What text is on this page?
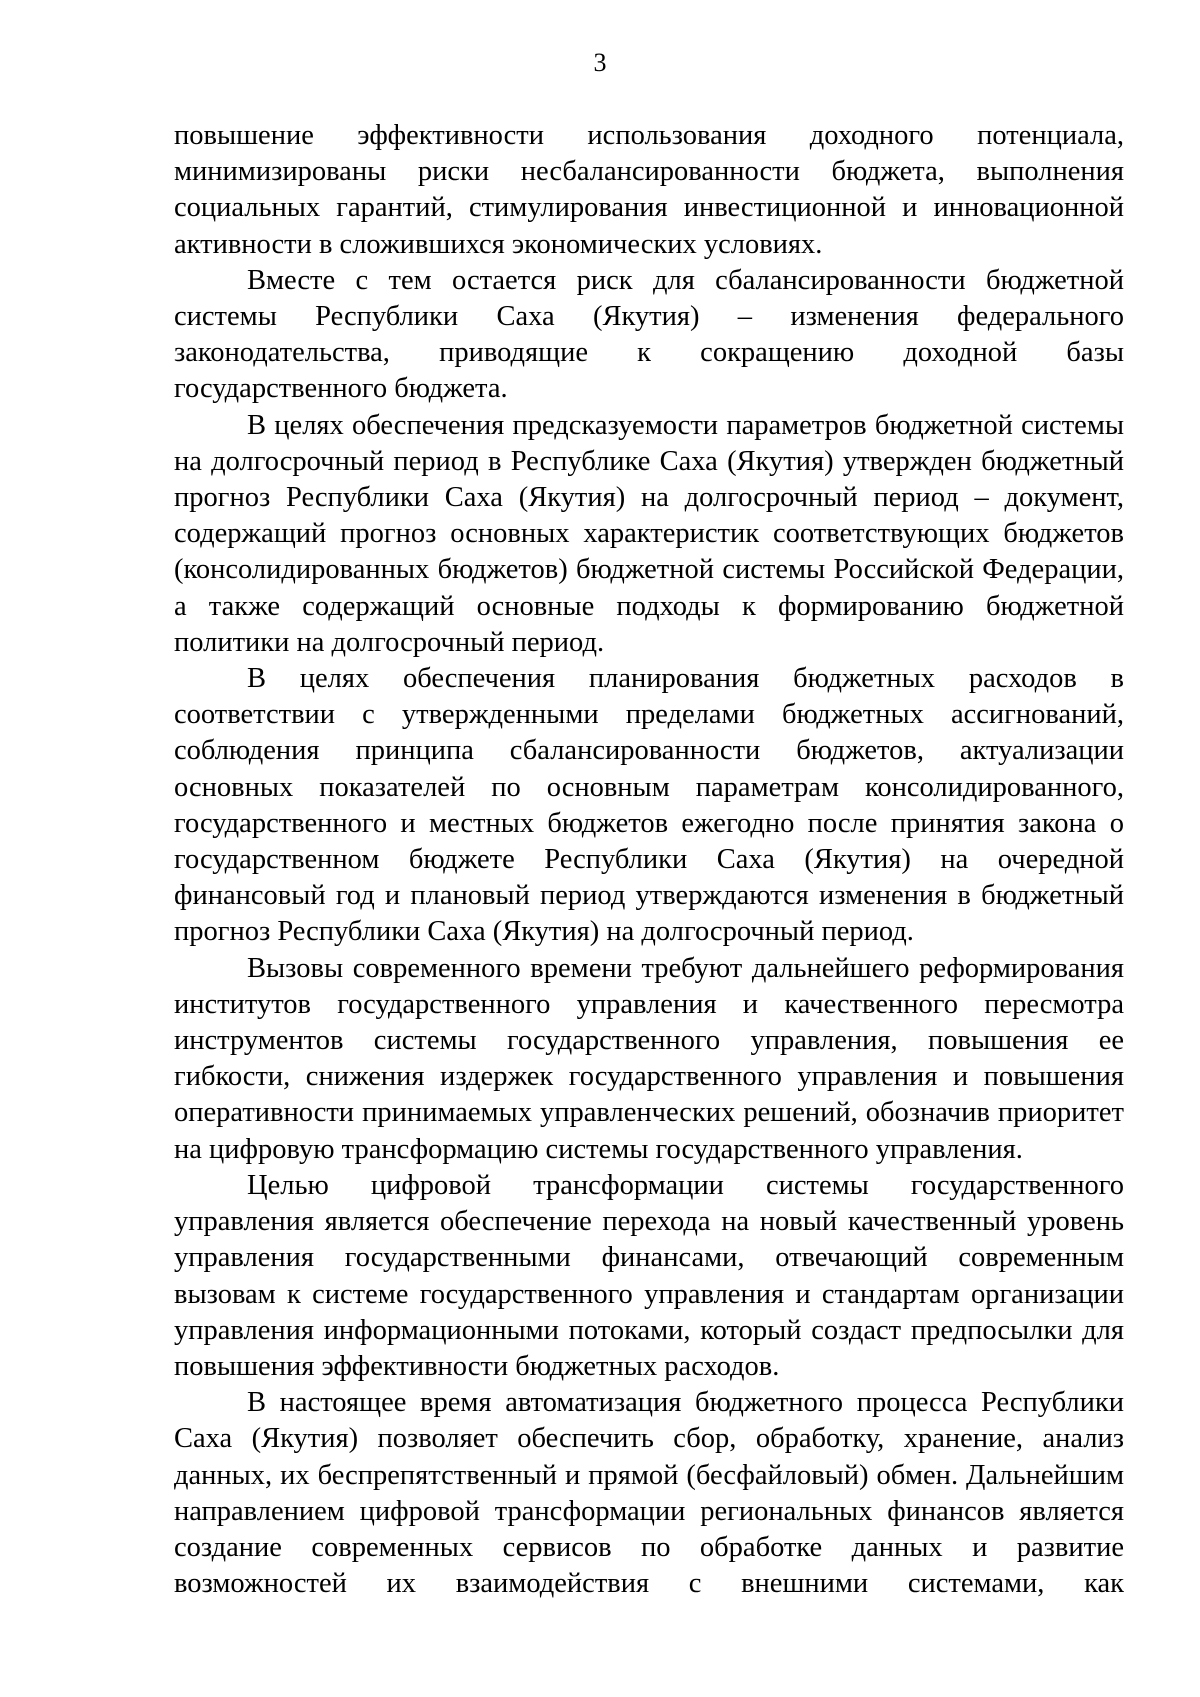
3

повышение эффективности использования доходного потенциала, минимизированы риски несбалансированности бюджета, выполнения социальных гарантий, стимулирования инвестиционной и инновационной активности в сложившихся экономических условиях.

Вместе с тем остается риск для сбалансированности бюджетной системы Республики Саха (Якутия) – изменения федерального законодательства, приводящие к сокращению доходной базы государственного бюджета.

В целях обеспечения предсказуемости параметров бюджетной системы на долгосрочный период в Республике Саха (Якутия) утвержден бюджетный прогноз Республики Саха (Якутия) на долгосрочный период – документ, содержащий прогноз основных характеристик соответствующих бюджетов (консолидированных бюджетов) бюджетной системы Российской Федерации, а также содержащий основные подходы к формированию бюджетной политики на долгосрочный период.

В целях обеспечения планирования бюджетных расходов в соответствии с утвержденными пределами бюджетных ассигнований, соблюдения принципа сбалансированности бюджетов, актуализации основных показателей по основным параметрам консолидированного, государственного и местных бюджетов ежегодно после принятия закона о государственном бюджете Республики Саха (Якутия) на очередной финансовый год и плановый период утверждаются изменения в бюджетный прогноз Республики Саха (Якутия) на долгосрочный период.

Вызовы современного времени требуют дальнейшего реформирования институтов государственного управления и качественного пересмотра инструментов системы государственного управления, повышения ее гибкости, снижения издержек государственного управления и повышения оперативности принимаемых управленческих решений, обозначив приоритет на цифровую трансформацию системы государственного управления.

Целью цифровой трансформации системы государственного управления является обеспечение перехода на новый качественный уровень управления государственными финансами, отвечающий современным вызовам к системе государственного управления и стандартам организации управления информационными потоками, который создаст предпосылки для повышения эффективности бюджетных расходов.

В настоящее время автоматизация бюджетного процесса Республики Саха (Якутия) позволяет обеспечить сбор, обработку, хранение, анализ данных, их беспрепятственный и прямой (бесфайловый) обмен. Дальнейшим направлением цифровой трансформации региональных финансов является создание современных сервисов по обработке данных и развитие возможностей их взаимодействия с внешними системами, как
